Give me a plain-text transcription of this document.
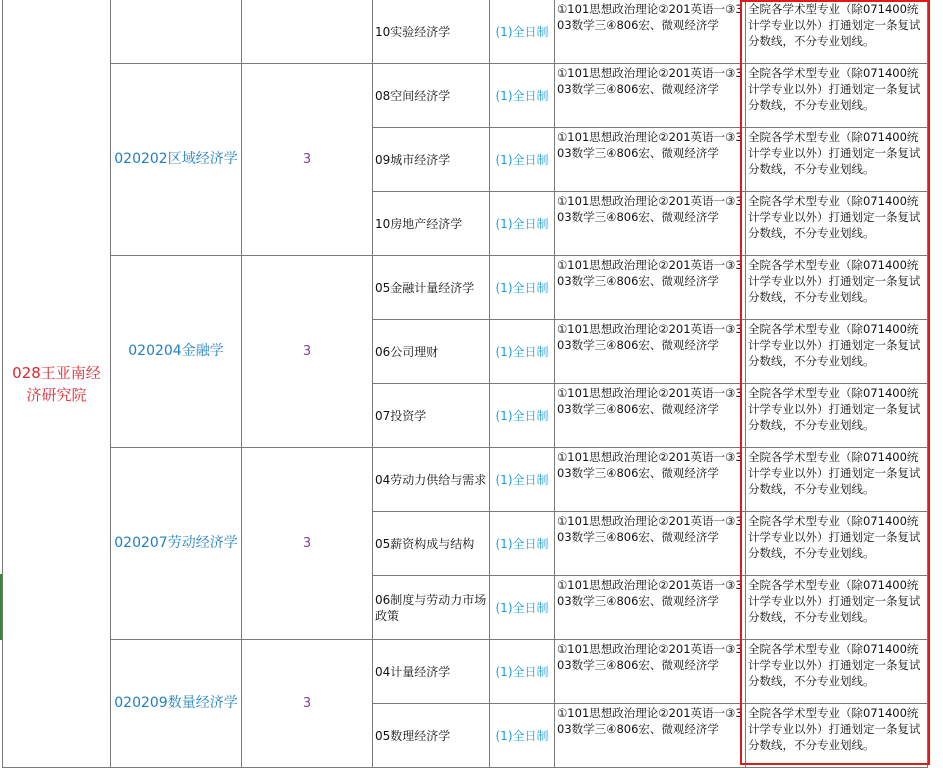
028王亚南经济研究院			10实验经济学	(1)全日制	①101思想政治理论②201英语一③303数学三④806宏、微观经济学	全院各学术型专业（除071400统计学专业以外）打通划定一条复试分数线，不分专业划线。

	020202区域经济学	3	08空间经济学	(1)全日制	①101思想政治理论②201英语一③303数学三④806宏、微观经济学	全院各学术型专业（除071400统计学专业以外）打通划定一条复试分数线，不分专业划线。

			09城市经济学	(1)全日制	①101思想政治理论②201英语一③303数学三④806宏、微观经济学	全院各学术型专业（除071400统计学专业以外）打通划定一条复试分数线，不分专业划线。

			10房地产经济学	(1)全日制	①101思想政治理论②201英语一③303数学三④806宏、微观经济学	全院各学术型专业（除071400统计学专业以外）打通划定一条复试分数线，不分专业划线。

	020204金融学	3	05金融计量经济学	(1)全日制	①101思想政治理论②201英语一③303数学三④806宏、微观经济学	全院各学术型专业（除071400统计学专业以外）打通划定一条复试分数线，不分专业划线。

			06公司理财	(1)全日制	①101思想政治理论②201英语一③303数学三④806宏、微观经济学	全院各学术型专业（除071400统计学专业以外）打通划定一条复试分数线，不分专业划线。

			07投资学	(1)全日制	①101思想政治理论②201英语一③303数学三④806宏、微观经济学	全院各学术型专业（除071400统计学专业以外）打通划定一条复试分数线，不分专业划线。

	020207劳动经济学	3	04劳动力供给与需求	(1)全日制	①101思想政治理论②201英语一③303数学三④806宏、微观经济学	全院各学术型专业（除071400统计学专业以外）打通划定一条复试分数线，不分专业划线。

			05薪资构成与结构	(1)全日制	①101思想政治理论②201英语一③303数学三④806宏、微观经济学	全院各学术型专业（除071400统计学专业以外）打通划定一条复试分数线，不分专业划线。

			06制度与劳动力市场政策	(1)全日制	①101思想政治理论②201英语一③303数学三④806宏、微观经济学	全院各学术型专业（除071400统计学专业以外）打通划定一条复试分数线，不分专业划线。

	020209数量经济学	3	04计量经济学	(1)全日制	①101思想政治理论②201英语一③303数学三④806宏、微观经济学	全院各学术型专业（除071400统计学专业以外）打通划定一条复试分数线，不分专业划线。

			05数理经济学	(1)全日制	①101思想政治理论②201英语一③303数学三④806宏、微观经济学	全院各学术型专业（除071400统计学专业以外）打通划定一条复试分数线，不分专业划线。
